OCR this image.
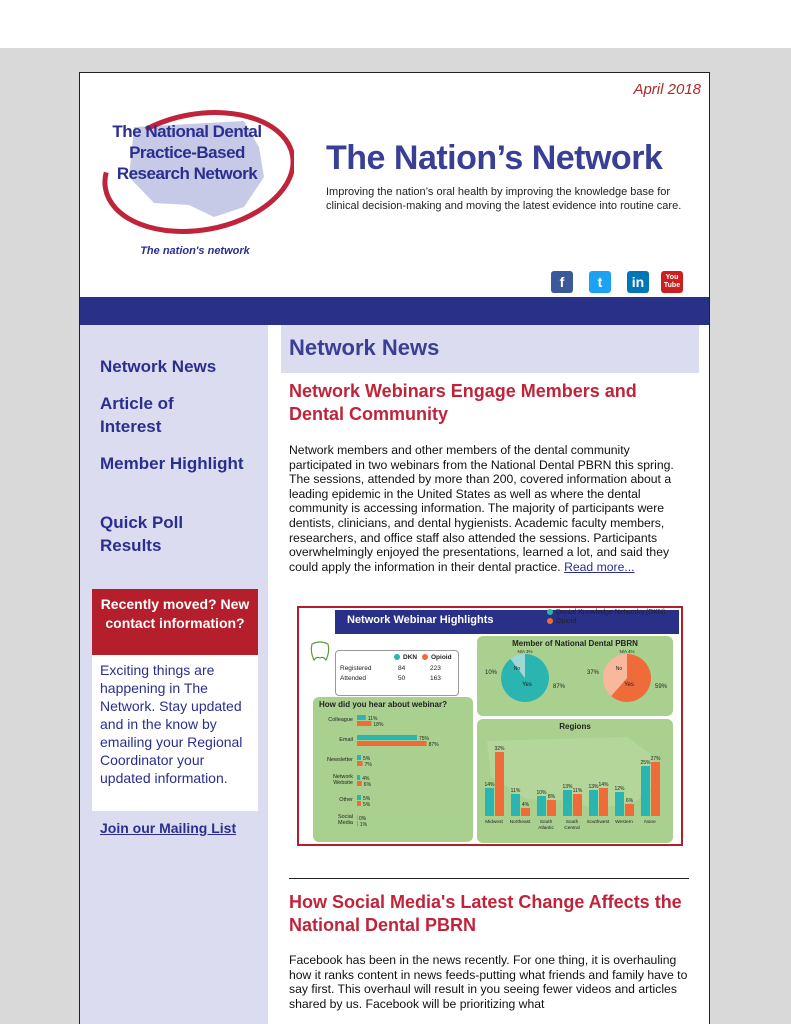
April 2018
The National Dental Practice-Based Research Network
The nation's network
The Nation’s Network
Improving the nation’s oral health by improving the knowledge base for clinical decision-making and moving the latest evidence into routine care.
f	t	in	You Tube
Network News
Article of Interest
Member Highlight
Quick Poll Results
Recently moved? New contact information?
Exciting things are happening in The Network. Stay updated and in the know by emailing your Regional Coordinator your updated information.
Join our Mailing List
Network News
Network Webinars Engage Members and Dental Community
Network members and other members of the dental community participated in two webinars from the National Dental PBRN this spring. The sessions, attended by more than 200, covered information about a leading epidemic in the United States as well as where the dental community is accessing information. The majority of participants were dentists, clinicians, and dental hygienists. Academic faculty members, researchers, and office staff also attended the sessions. Participants overwhelmingly enjoyed the presentations, learned a lot, and said they could apply the information in their dental practice. Read more...
Network Webinar Highlights
Dental Knowledge Networks (DKN)
Opioid
DKN	Opioid
Registered	84	223
Attended	50	163
Member of National Dental PBRN
87%
10%
Yes
No
N/A 3%
59%
37%
Yes
No
N/A 4%
How did you hear about webinar?
Colleague	11%
18%
Email	75%
87%
Newsletter 5%
7%
Network
Website
4%
6%
Other 5%
5%
Social
Media
0%
1%
Regions
14%
32%
Midwest
11%
4%
Northeast
10%
8%
South
Atlantic
13%
11%
South
Central
13% 14%
Southwest
12%
6%
Western
25%
27%
None
How Social Media's Latest Change Affects the National Dental PBRN
Facebook has been in the news recently. For one thing, it is overhauling how it ranks content in news feeds-putting what friends and family have to say first. This overhaul will result in you seeing fewer videos and articles shared by us. Facebook will be prioritizing what
